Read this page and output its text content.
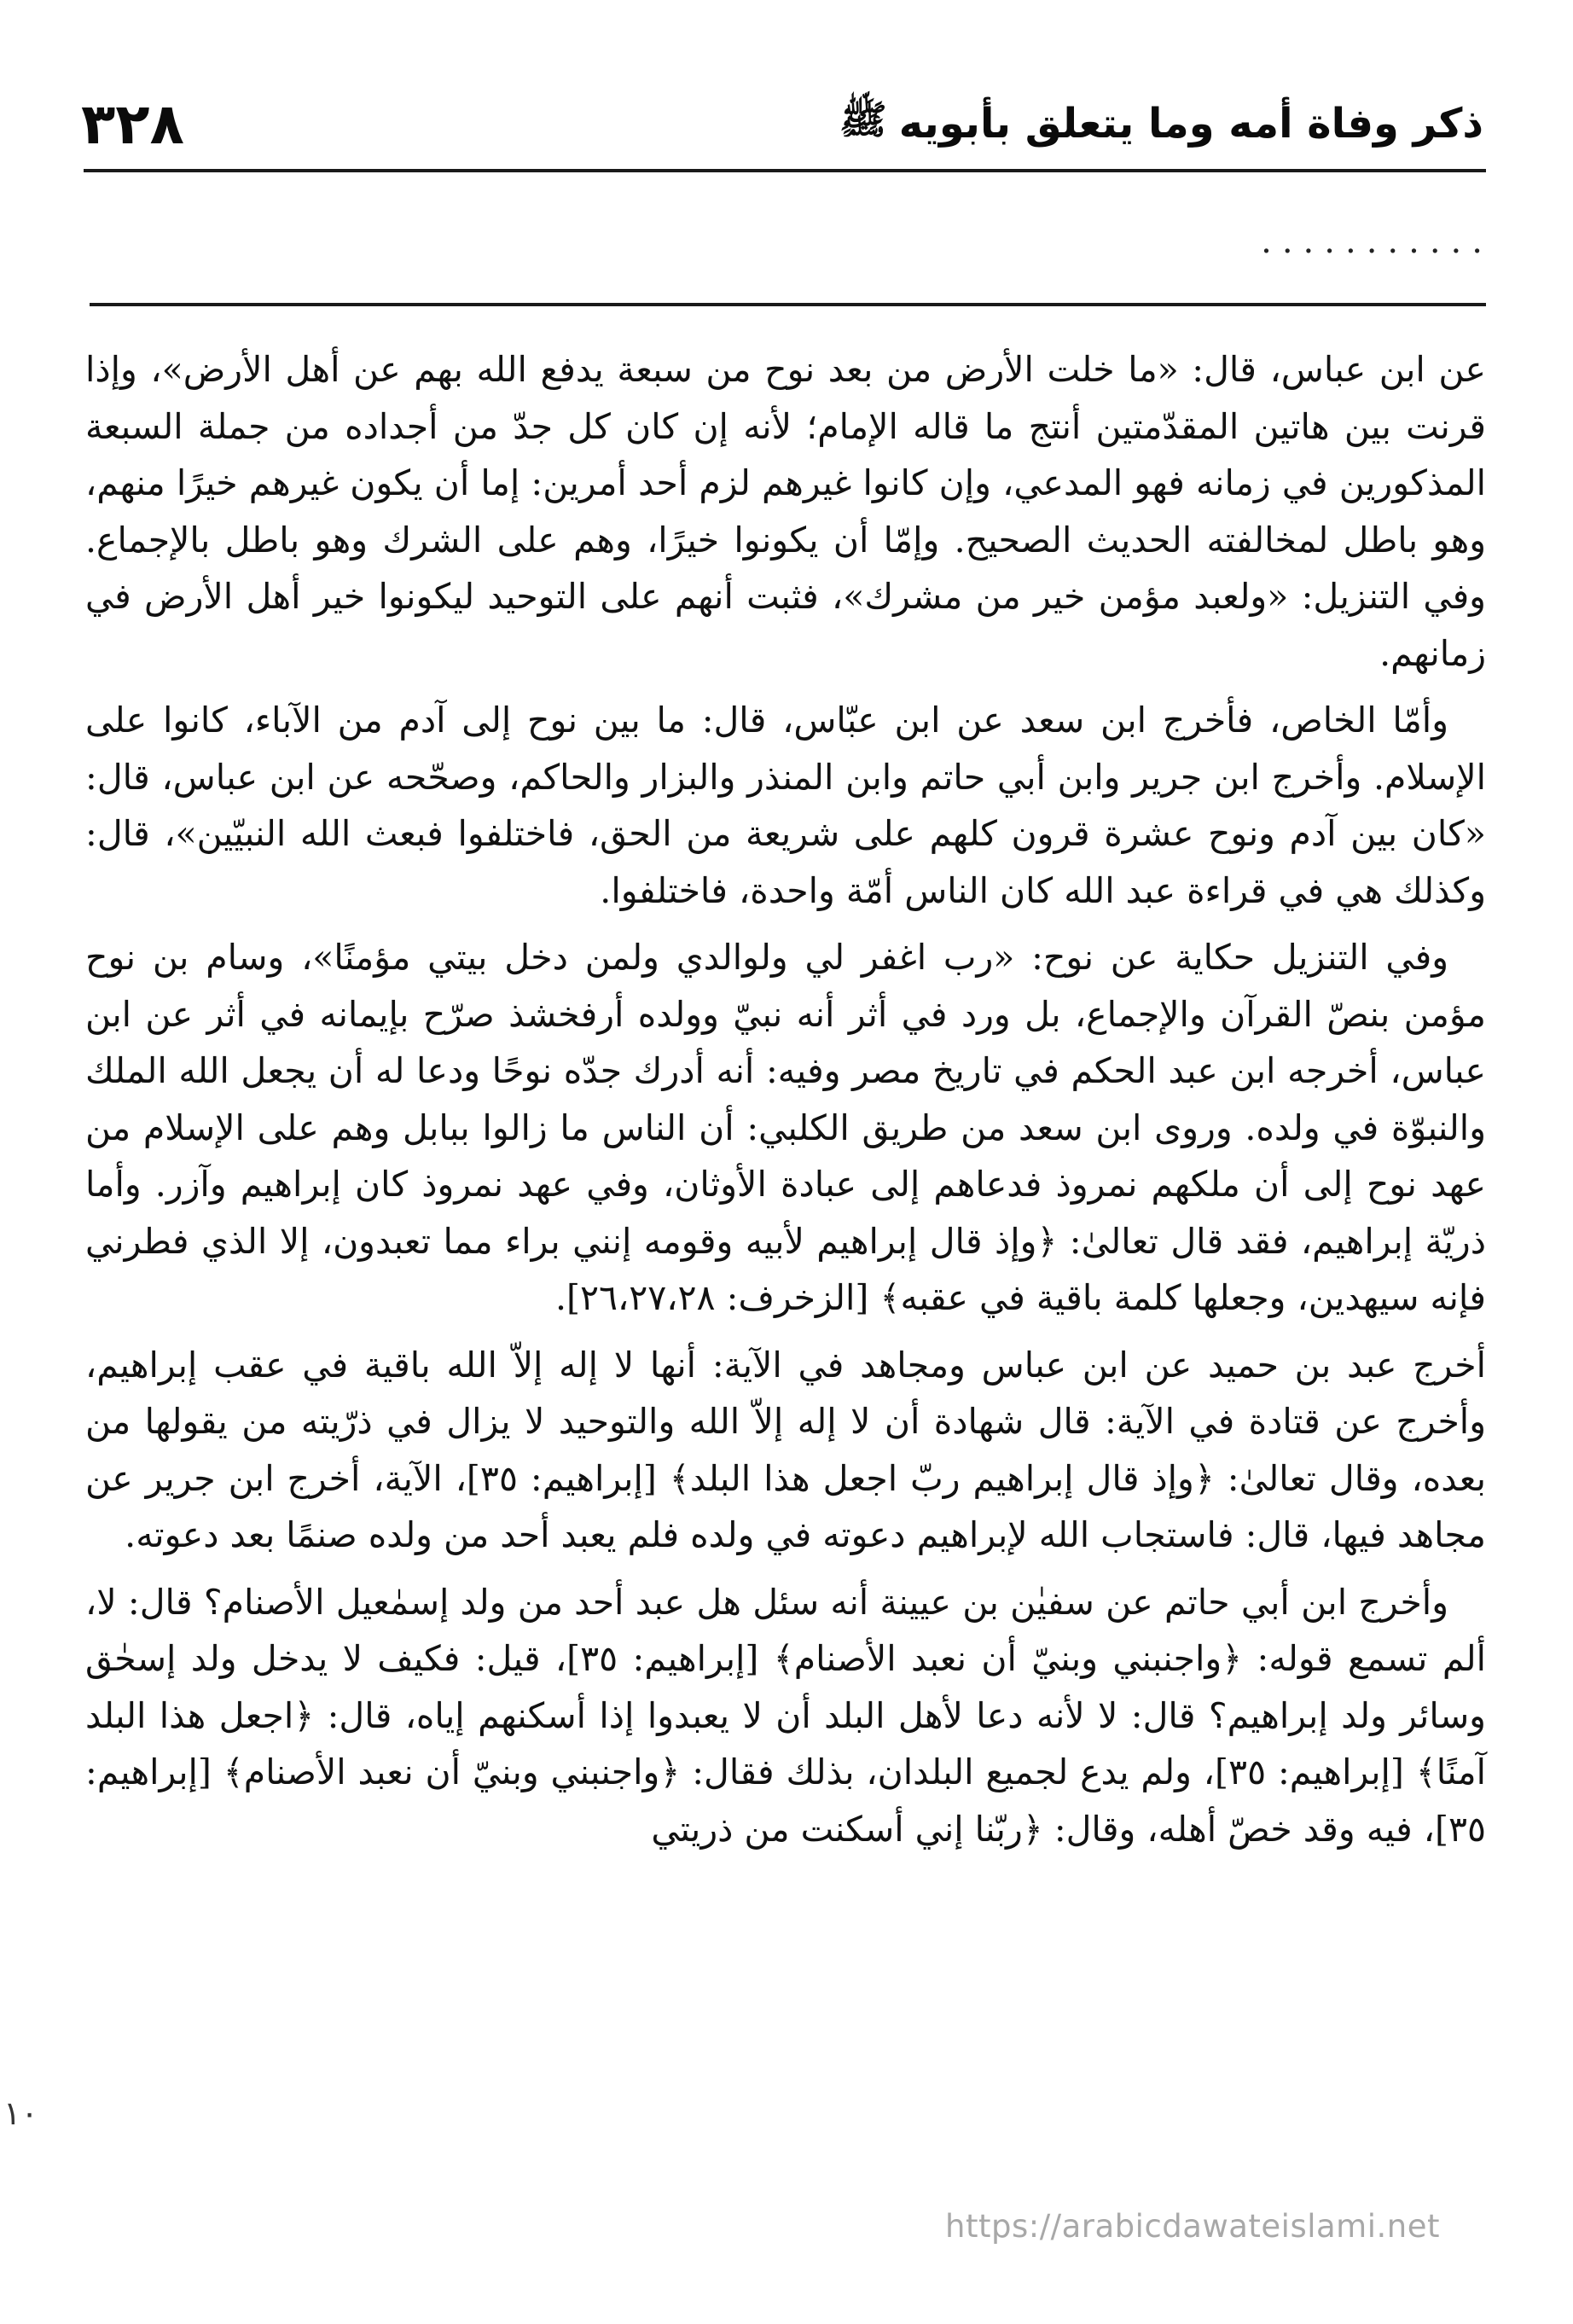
٣٢٨	ذكر وفاة أمه وما يتعلق بأبويه
ﷺ
...........

عن ابن عباس، قال: «ما خلت الأرض من بعد نوح من سبعة يدفع الله بهم عن أهل الأرض»، وإذا قرنت بين هاتين المقدّمتين أنتج ما قاله الإمام؛ لأنه إن كان كل جدّ من أجداده من جملة السبعة المذكورين في زمانه فهو المدعي، وإن كانوا غيرهم لزم أحد أمرين: إما أن يكون غيرهم خيرًا منهم، وهو باطل لمخالفته الحديث الصحيح. وإمّا أن يكونوا خيرًا، وهم على الشرك وهو باطل بالإجماع. وفي التنزيل: «ولعبد مؤمن خير من مشرك»، فثبت أنهم على التوحيد ليكونوا خير أهل الأرض في زمانهم.

وأمّا الخاص، فأخرج ابن سعد عن ابن عبّاس، قال: ما بين نوح إلى آدم من الآباء، كانوا على الإسلام. وأخرج ابن جرير وابن أبي حاتم وابن المنذر والبزار والحاكم، وصحّحه عن ابن عباس، قال: «كان بين آدم ونوح عشرة قرون كلهم على شريعة من الحق، فاختلفوا فبعث الله النبيّين»، قال: وكذلك هي في قراءة عبد الله كان الناس أمّة واحدة، فاختلفوا.

وفي التنزيل حكاية عن نوح: «رب اغفر لي ولوالدي ولمن دخل بيتي مؤمنًا»، وسام بن نوح مؤمن بنصّ القرآن والإجماع، بل ورد في أثر أنه نبيّ وولده أرفخشذ صرّح بإيمانه في أثر عن ابن عباس، أخرجه ابن عبد الحكم في تاريخ مصر وفيه: أنه أدرك جدّه نوحًا ودعا له أن يجعل الله الملك والنبوّة في ولده. وروى ابن سعد من طريق الكلبي: أن الناس ما زالوا ببابل وهم على الإسلام من عهد نوح إلى أن ملكهم نمروذ فدعاهم إلى عبادة الأوثان، وفي عهد نمروذ كان إبراهيم وآزر. وأما ذريّة إبراهيم، فقد قال تعالىٰ: ﴿وإذ قال إبراهيم لأبيه وقومه إنني براء مما تعبدون، إلا الذي فطرني فإنه سيهدين، وجعلها كلمة باقية في عقبه﴾ [الزخرف: ٢٦،٢٧،٢٨].

أخرج عبد بن حميد عن ابن عباس ومجاهد في الآية: أنها لا إله إلاّ الله باقية في عقب إبراهيم، وأخرج عن قتادة في الآية: قال شهادة أن لا إله إلاّ الله والتوحيد لا يزال في ذرّيته من يقولها من بعده، وقال تعالىٰ: ﴿وإذ قال إبراهيم ربّ اجعل هذا البلد﴾ [إبراهيم: ٣٥]، الآية، أخرج ابن جرير عن مجاهد فيها، قال: فاستجاب الله لإبراهيم دعوته في ولده فلم يعبد أحد من ولده صنمًا بعد دعوته.

وأخرج ابن أبي حاتم عن سفيٰن بن عيينة أنه سئل هل عبد أحد من ولد إسمٰعيل الأصنام؟ قال: لا، ألم تسمع قوله: ﴿واجنبني وبنيّ أن نعبد الأصنام﴾ [إبراهيم: ٣٥]، قيل: فكيف لا يدخل ولد إسحٰق وسائر ولد إبراهيم؟ قال: لا لأنه دعا لأهل البلد أن لا يعبدوا إذا أسكنهم إياه، قال: ﴿اجعل هذا البلد آمنًا﴾ [إبراهيم: ٣٥]، ولم يدع لجميع البلدان، بذلك فقال: ﴿واجنبني وبنيّ أن نعبد الأصنام﴾ [إبراهيم: ٣٥]، فيه وقد خصّ أهله، وقال: ﴿ربّنا إني أسكنت من ذريتي

١٠
https://arabicdawateislami.net
